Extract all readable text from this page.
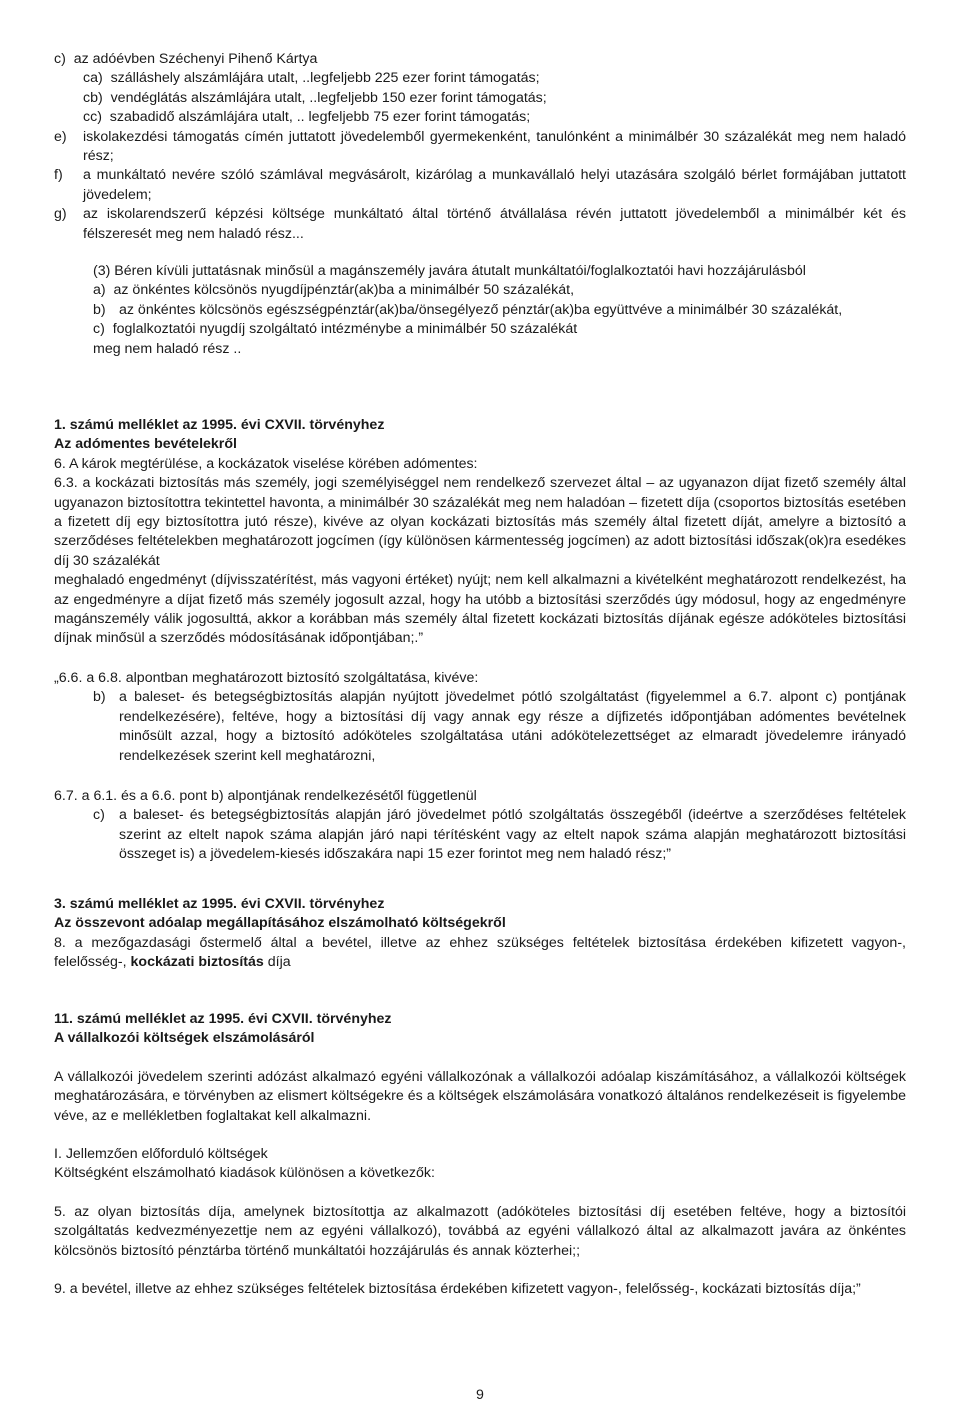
c)  az adóévben Széchenyi Pihenő Kártya

ca)  szálláshely alszámlájára utalt, ..legfeljebb 225 ezer forint támogatás;

cb)  vendéglátás alszámlájára utalt, ..legfeljebb 150 ezer forint támogatás;

cc)  szabadidő alszámlájára utalt, .. legfeljebb 75 ezer forint támogatás;

e)	iskolakezdési támogatás címén juttatott jövedelemből gyermekenként, tanulónként a minimálbér 30 százalékát meg nem haladó rész;
f)	a munkáltató nevére szóló számlával megvásárolt, kizárólag a munkavállaló helyi utazására szolgáló bérlet formájában juttatott jövedelem;
g)	az iskolarendszerű képzési költsége munkáltató által történő átvállalása révén juttatott jövedelemből a minimálbér két és félszeresét meg nem haladó rész...

(3) Béren kívüli juttatásnak minősül a magánszemély javára átutalt munkáltatói/foglalkoztatói havi hozzájárulásból

a)  az önkéntes kölcsönös nyugdíjpénztár(ak)ba a minimálbér 50 százalékát,

b) az önkéntes kölcsönös egészségpénztár(ak)ba/önsegélyező pénztár(ak)ba együttvéve a minimálbér 30 százalékát,

c)  foglalkoztatói nyugdíj szolgáltató intézménybe a minimálbér 50 százalékát

meg nem haladó rész ..

1. számú melléklet az 1995. évi CXVII. törvényhez

Az adómentes bevételekről

6. A károk megtérülése, a kockázatok viselése körében adómentes:

6.3. a kockázati biztosítás más személy, jogi személyiséggel nem rendelkező szervezet által – az ugyanazon díjat fizető személy által ugyanazon biztosítottra tekintettel havonta, a minimálbér 30 százalékát meg nem haladóan – fizetett díja (csoportos biztosítás esetében a fizetett díj egy biztosítottra jutó része), kivéve az olyan kockázati biztosítás más személy által fizetett díját, amelyre a biztosító a szerződéses feltételekben meghatározott jogcímen (így különösen kármentesség jogcímen) az adott biztosítási időszak(ok)ra esedékes díj 30 százalékát

meghaladó engedményt (díjvisszatérítést, más vagyoni értéket) nyújt; nem kell alkalmazni a kivételként meghatározott rendelkezést, ha az engedményre a díjat fizető más személy jogosult azzal, hogy ha utóbb a biztosítási szerződés úgy módosul, hogy az engedményre magánszemély válik jogosulttá, akkor a korábban más személy által fizetett kockázati biztosítás díjának egésze adóköteles biztosítási díjnak minősül a szerződés módosításának időpontjában;.”

„6.6. a 6.8. alpontban meghatározott biztosító szolgáltatása, kivéve:

b) a baleset- és betegségbiztosítás alapján nyújtott jövedelmet pótló szolgáltatást (figyelemmel a 6.7. alpont c) pontjának rendelkezésére), feltéve, hogy a biztosítási díj vagy annak egy része a díjfizetés időpontjában adómentes bevételnek minősült azzal, hogy a biztosító adóköteles szolgáltatása utáni adókötelezettséget az elmaradt jövedelemre irányadó rendelkezések szerint kell meghatározni,

6.7. a 6.1. és a 6.6. pont b) alpontjának rendelkezésétől függetlenül

c) a baleset- és betegségbiztosítás alapján járó jövedelmet pótló szolgáltatás összegéből (ideértve a szerződéses feltételek szerint az eltelt napok száma alapján járó napi térítésként vagy az eltelt napok száma alapján meghatározott biztosítási összeget is) a jövedelem-kiesés időszakára napi 15 ezer forintot meg nem haladó rész;”

3. számú melléklet az 1995. évi CXVII. törvényhez

Az összevont adóalap megállapításához elszámolható költségekről

8. a mezőgazdasági őstermelő által a bevétel, illetve az ehhez szükséges feltételek biztosítása érdekében kifizetett vagyon-, felelősség-, kockázati biztosítás díja

11. számú melléklet az 1995. évi CXVII. törvényhez

A vállalkozói költségek elszámolásáról

A vállalkozói jövedelem szerinti adózást alkalmazó egyéni vállalkozónak a vállalkozói adóalap kiszámításához, a vállalkozói költségek meghatározására, e törvényben az elismert költségekre és a költségek elszámolására vonatkozó általános rendelkezéseit is figyelembe véve, az e mellékletben foglaltakat kell alkalmazni.

I. Jellemzően előforduló költségek

Költségként elszámolható kiadások különösen a következők:

5. az olyan biztosítás díja, amelynek biztosítottja az alkalmazott (adóköteles biztosítási díj esetében feltéve, hogy a biztosítói szolgáltatás kedvezményezettje nem az egyéni vállalkozó), továbbá az egyéni vállalkozó által az alkalmazott javára az önkéntes kölcsönös biztosító pénztárba történő munkáltatói hozzájárulás és annak közterhei;;

9. a bevétel, illetve az ehhez szükséges feltételek biztosítása érdekében kifizetett vagyon-, felelősség-, kockázati biztosítás díja;”

9
